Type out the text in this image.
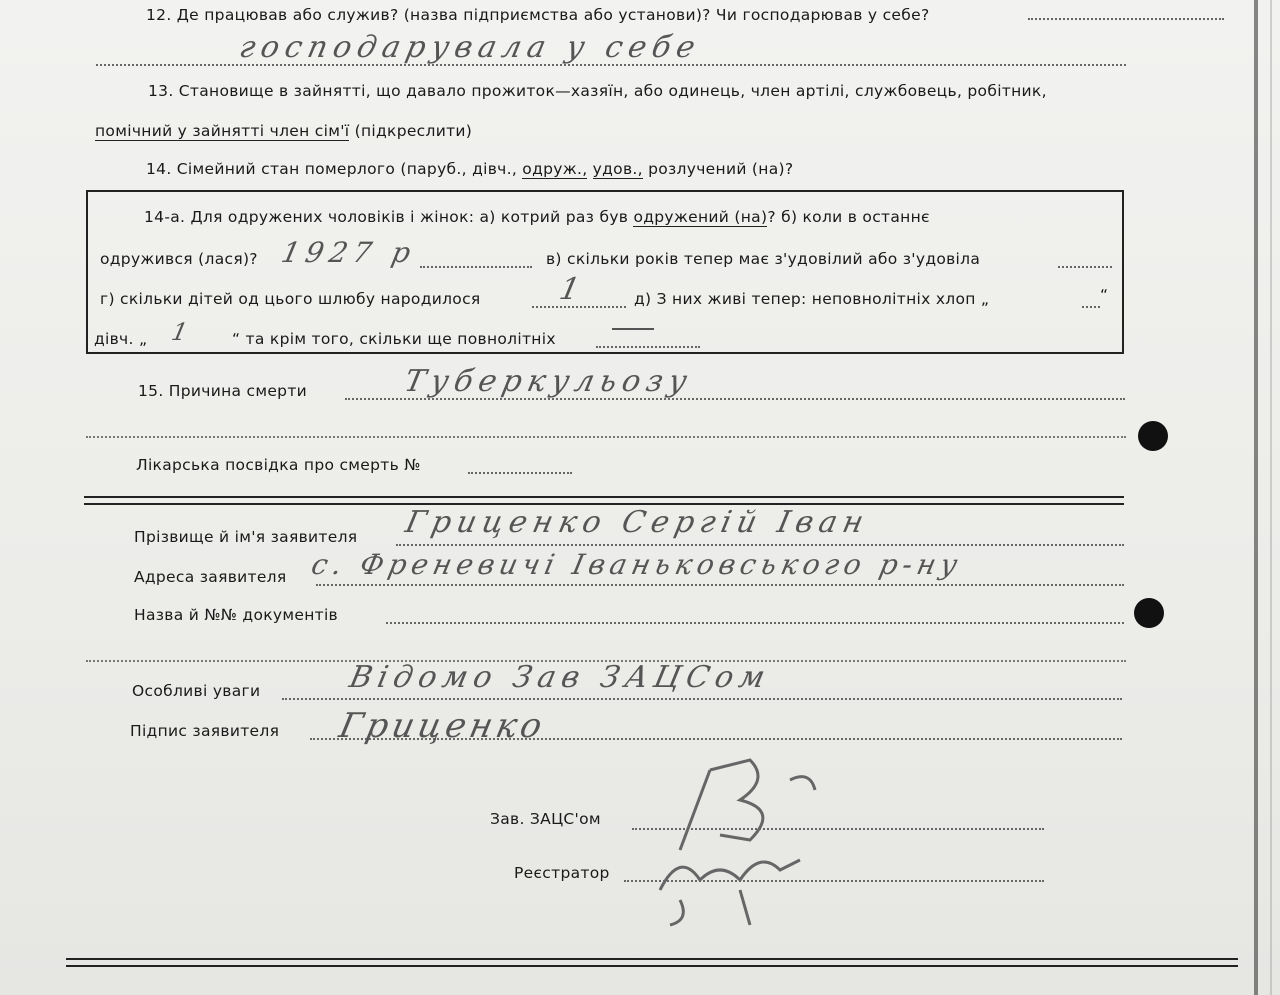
12. Де працював або служив? (назва підприємства або установи)? Чи господарював у себе?
господарувала у себе
13. Становище в зайнятті, що давало прожиток—хазяїн, або одинець, член артілі, службовець, робітник,
помічний у зайнятті член сім'ї (підкреслити)
14. Сімейний стан померлого (паруб., дівч., одруж., удов., розлучений (на)?
14-а. Для одружених чоловіків і жінок: а) котрий раз був одружений (на)? б) коли в останнє
одружився (лася)? 1927 р	в) скільки років тепер має з'удовілий або з'удовіла
г) скільки дітей од цього шлюбу народилося	1	д) З них живі тепер: неповнолітніх хлоп „	“
дівч. „ 1 “ та крім того, скільки ще повнолітніх
15. Причина смерти	Туберкульозу
Лікарська посвідка про смерть №
Прізвище й ім'я заявителя Гриценко Сергій Іван
Адреса заявителя с. Френевичі Іваньковського р-ну
Назва й №№ документів
Особливі уваги	Відомо Зав ЗАЦСом
Підпис заявителя Гриценко
Зав. ЗАЦС'ом
Реєстратор
